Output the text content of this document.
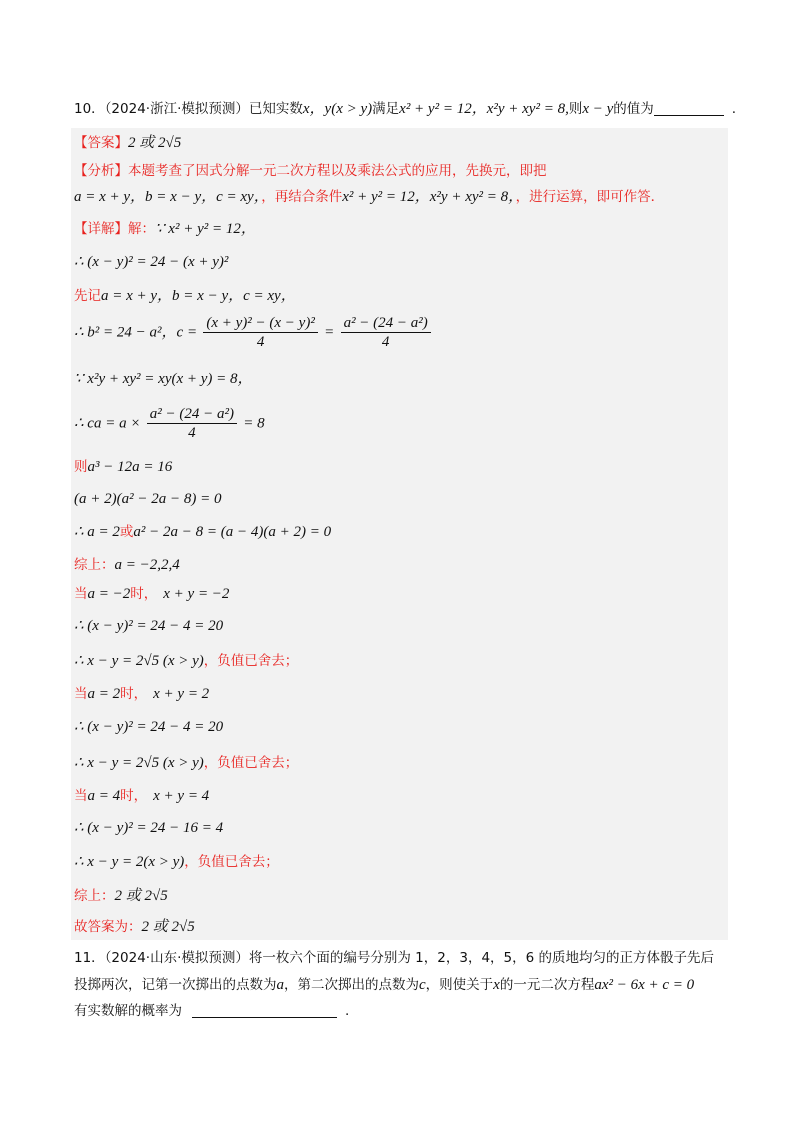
10．（2024·浙江·模拟预测）已知实数x，y(x > y)满足x² + y² = 12，x²y + xy² = 8,则x − y的值为	.
【答案】2 或 2√5
【分析】本题考查了因式分解一元二次方程以及乘法公式的应用，先换元，即把
a = x + y，b = x − y，c = xy，，再结合条件x² + y² = 12，x²y + xy² = 8，，进行运算，即可作答．
【详解】解：∵ x² + y² = 12，
∴ (x − y)² = 24 − (x + y)²
先记a = x + y，b = x − y，c = xy，
∴ b² = 24 − a²，$c = \frac{\text{(x + y)² − (x − y)²}}{4} = \frac{\text{a² − (24 − a²)}}{4}$
∵ x²y + xy² = xy(x + y) = 8，
∴ ca = $a \times \frac{\text{a² − (24 − a²)}}{4} = 8$
则a³ − 12a = 16
(a + 2)(a² − 2a − 8) = 0
∴ a = 2或a² − 2a − 8 = (a − 4)(a + 2) = 0
综上：a = −2,2,4
当a = −2时， x + y = −2
∴ (x − y)² = 24 − 4 = 20
∴ x − y = 2√5 (x > y)，负值已舍去；
当a = 2时， x + y = 2
∴ (x − y)² = 24 − 4 = 20
∴ x − y = 2√5 (x > y)，负值已舍去；
当a = 4时， x + y = 4
∴ (x − y)² = 24 − 16 = 4
∴ x − y = 2(x > y)，负值已舍去；
综上：2 或 2√5
故答案为：2 或 2√5
11．（2024·山东·模拟预测）将一枚六个面的编号分别为 1，2，3，4，5，6 的质地均匀的正方体骰子先后
投掷两次，记第一次掷出的点数为a，第二次掷出的点数为c，则使关于x的一元二次方程ax² − 6x + c = 0
有实数解的概率为	.
